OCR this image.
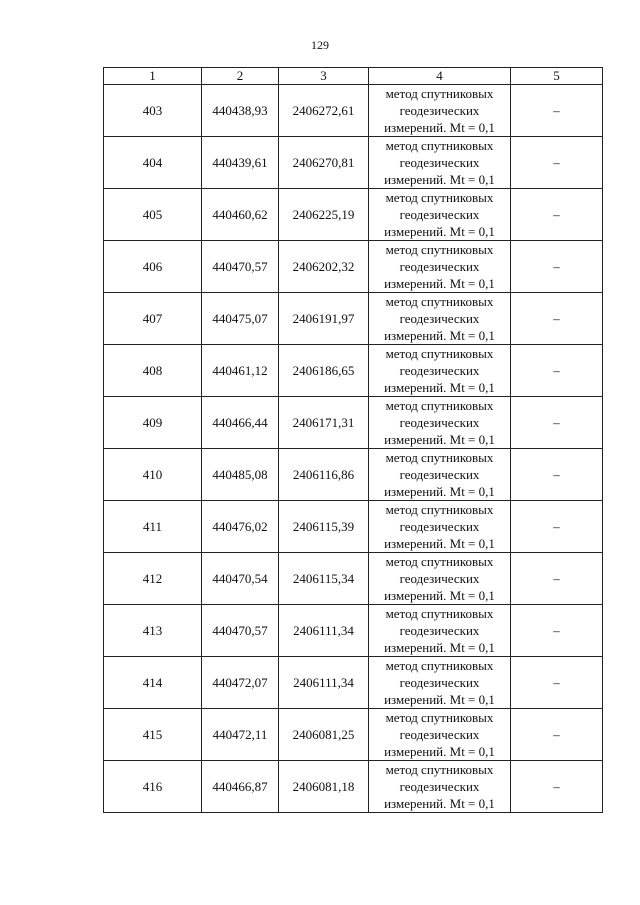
129
1	2	3	4	5
403	440438,93	2406272,61	метод спутниковых
геодезических
измерений. Mt = 0,1	–
404	440439,61	2406270,81	метод спутниковых
геодезических
измерений. Mt = 0,1	–
405	440460,62	2406225,19	метод спутниковых
геодезических
измерений. Mt = 0,1	–
406	440470,57	2406202,32	метод спутниковых
геодезических
измерений. Mt = 0,1	–
407	440475,07	2406191,97	метод спутниковых
геодезических
измерений. Mt = 0,1	–
408	440461,12	2406186,65	метод спутниковых
геодезических
измерений. Mt = 0,1	–
409	440466,44	2406171,31	метод спутниковых
геодезических
измерений. Mt = 0,1	–
410	440485,08	2406116,86	метод спутниковых
геодезических
измерений. Mt = 0,1	–
411	440476,02	2406115,39	метод спутниковых
геодезических
измерений. Mt = 0,1	–
412	440470,54	2406115,34	метод спутниковых
геодезических
измерений. Mt = 0,1	–
413	440470,57	2406111,34	метод спутниковых
геодезических
измерений. Mt = 0,1	–
414	440472,07	2406111,34	метод спутниковых
геодезических
измерений. Mt = 0,1	–
415	440472,11	2406081,25	метод спутниковых
геодезических
измерений. Mt = 0,1	–
416	440466,87	2406081,18	метод спутниковых
геодезических
измерений. Mt = 0,1	–
